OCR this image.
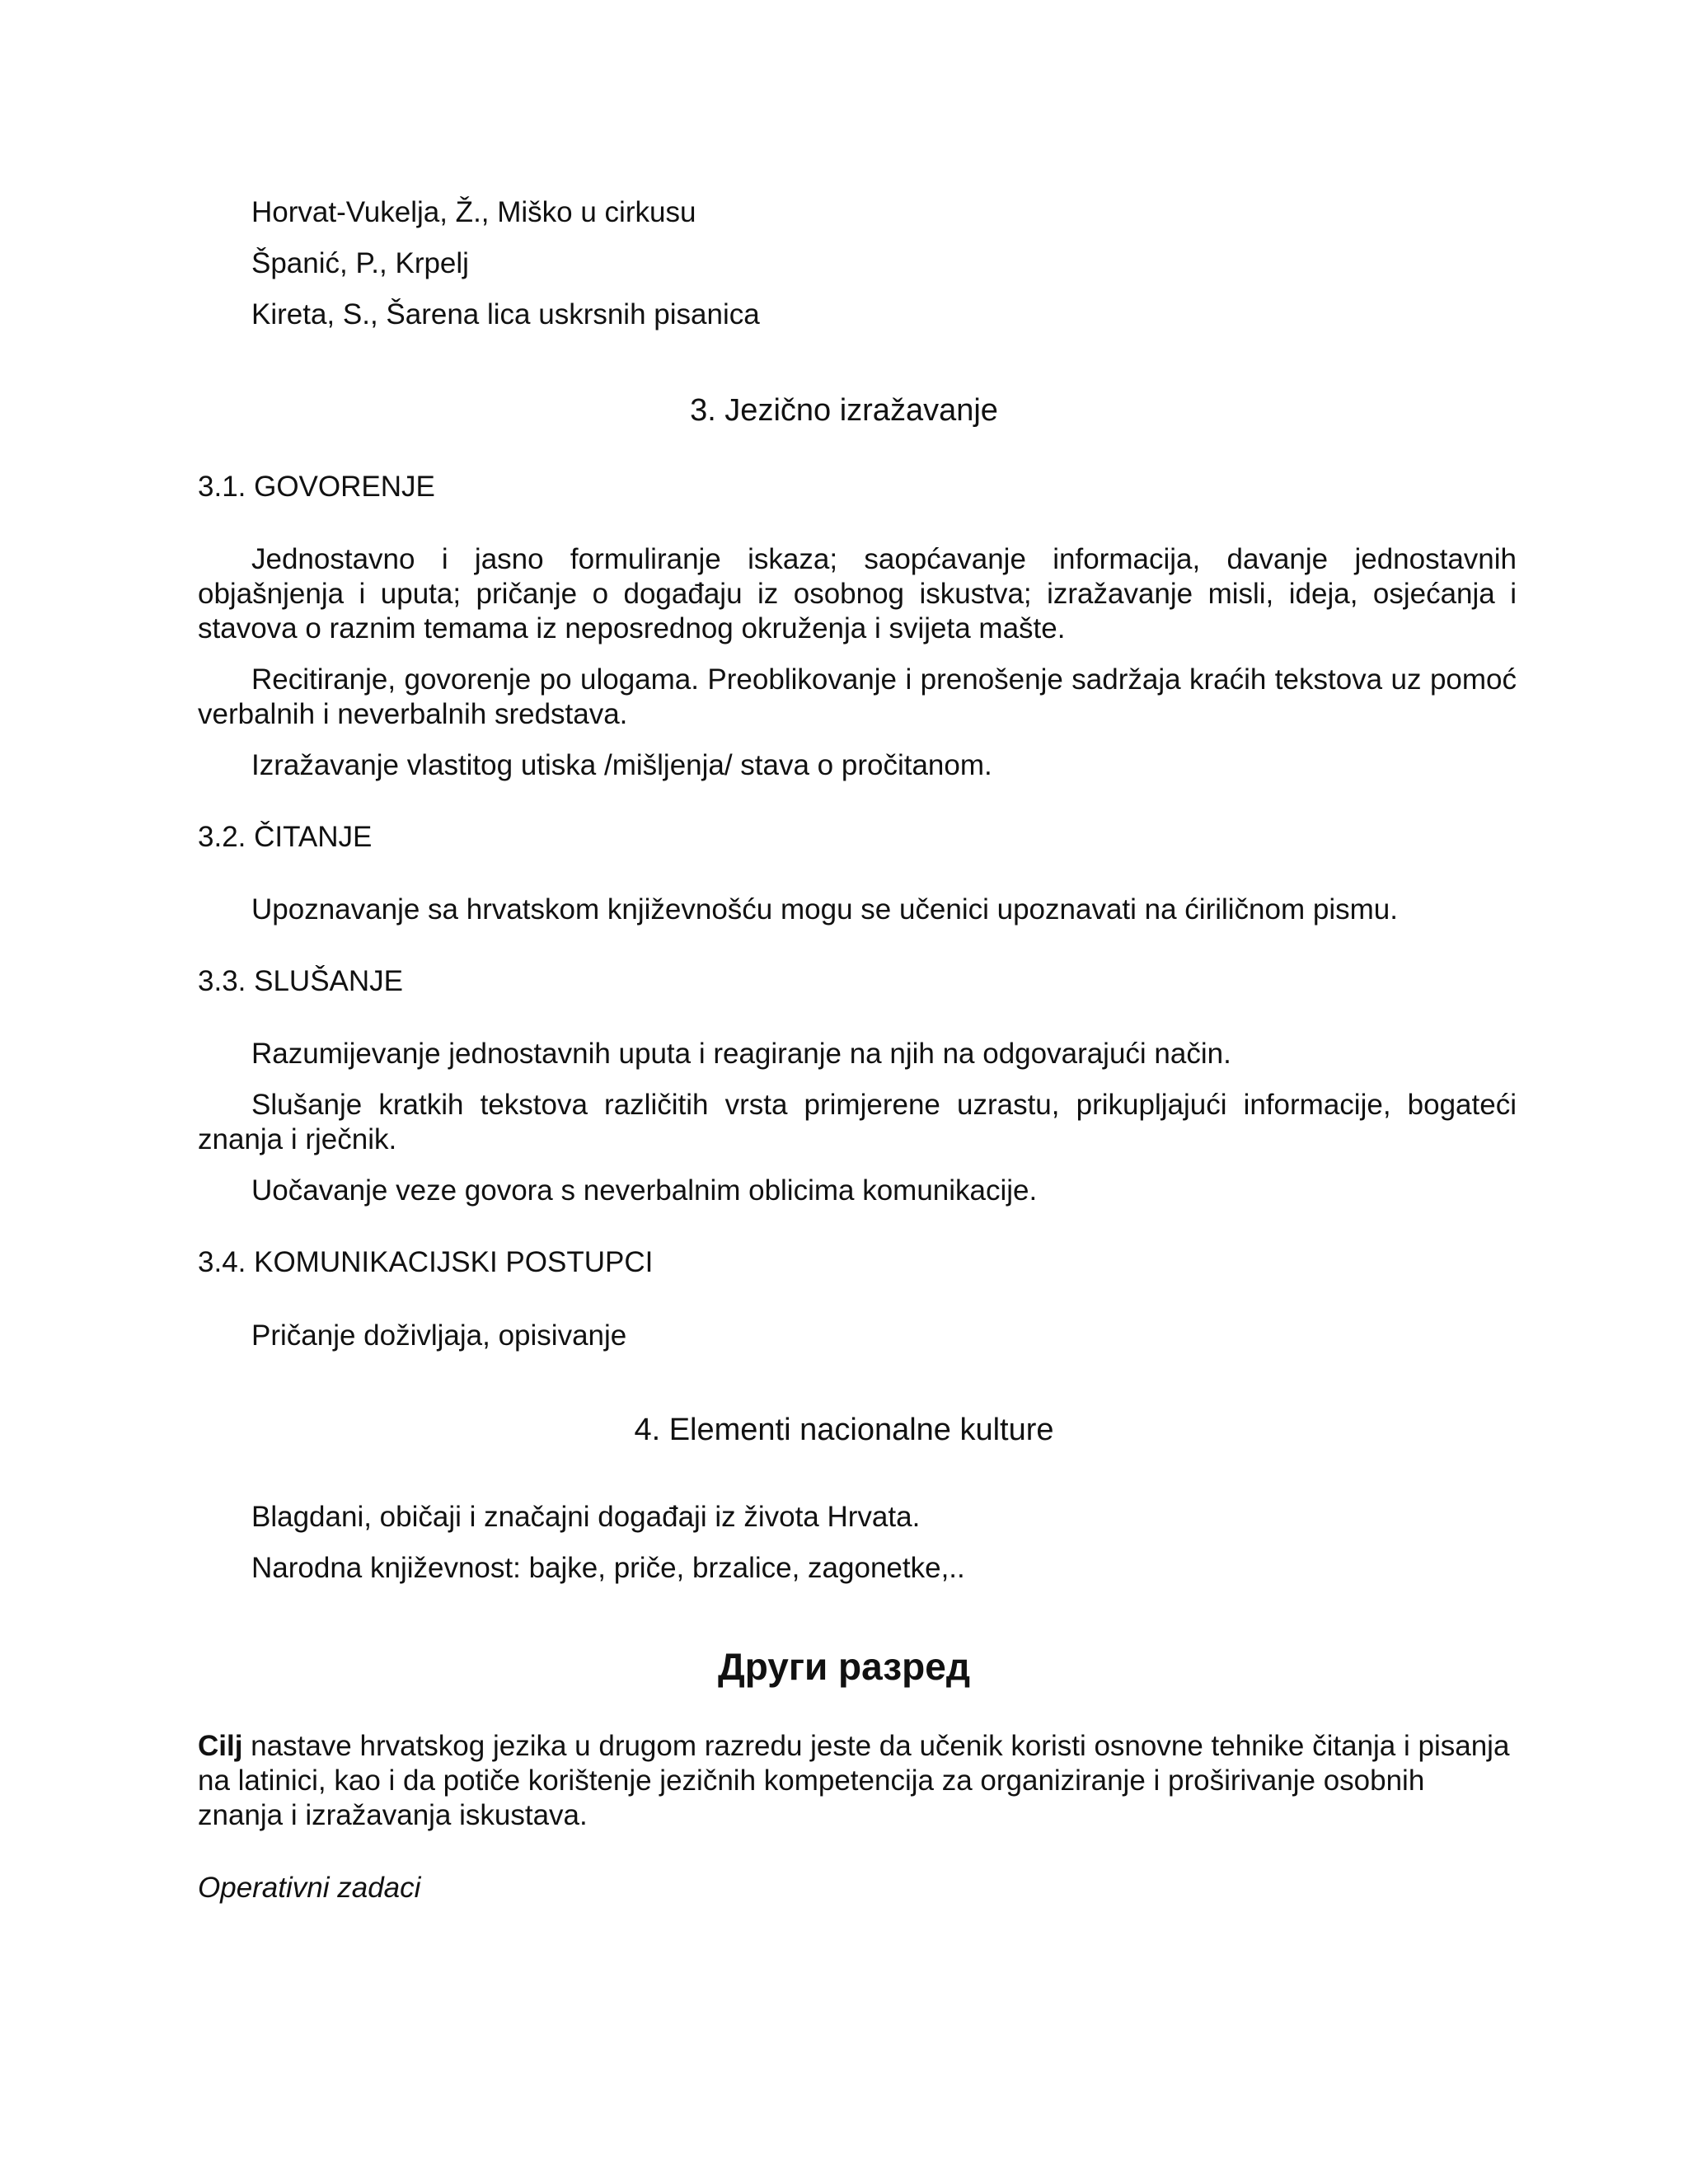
Horvat-Vukelja, Ž., Miško u cirkusu
Španić, P., Krpelj
Kireta, S., Šarena lica uskrsnih pisanica
3. Jezično izražavanje
3.1. GOVORENJE
Jednostavno i jasno formuliranje iskaza; saopćavanje informacija, davanje jednostavnih objašnjenja i uputa; pričanje o događaju iz osobnog iskustva; izražavanje misli, ideja, osjećanja i stavova o raznim temama iz neposrednog okruženja i svijeta mašte.
Recitiranje, govorenje po ulogama. Preoblikovanje i prenošenje sadržaja kraćih tekstova uz pomoć verbalnih i neverbalnih sredstava.
Izražavanje vlastitog utiska /mišljenja/ stava o pročitanom.
3.2. ČITANJE
Upoznavanje sa hrvatskom književnošću mogu se učenici upoznavati na ćiriličnom pismu.
3.3. SLUŠANJE
Razumijevanje jednostavnih uputa i reagiranje na njih na odgovarajući način.
Slušanje kratkih tekstova različitih vrsta primjerene uzrastu, prikupljajući informacije, bogateći znanja i rječnik.
Uočavanje veze govora s neverbalnim oblicima komunikacije.
3.4. KOMUNIKACIJSKI POSTUPCI
Pričanje doživljaja, opisivanje
4. Elementi nacionalne kulture
Blagdani, običaji i značajni događaji iz života Hrvata.
Narodna književnost: bajke, priče, brzalice, zagonetke,..
Други разред
Cilj nastave hrvatskog jezika u drugom razredu jeste da učenik koristi osnovne tehnike čitanja i pisanja na latinici, kao i da potiče korištenje jezičnih kompetencija za organiziranje i proširivanje osobnih znanja i izražavanja iskustava.
Operativni zadaci
